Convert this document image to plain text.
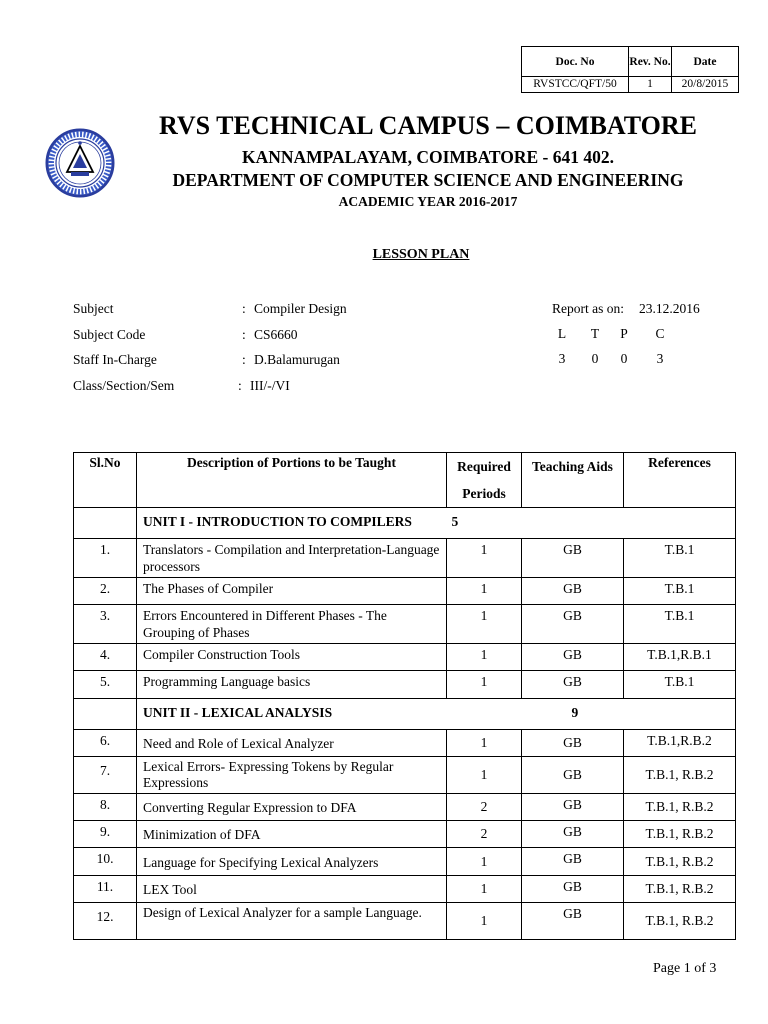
Doc. No	Rev. No.	Date
RVSTCC/QFT/50	1	20/8/2015
RVS TECHNICAL CAMPUS – COIMBATORE
KANNAMPALAYAM, COIMBATORE - 641 402.
DEPARTMENT OF COMPUTER SCIENCE AND ENGINEERING
ACADEMIC YEAR 2016-2017
LESSON PLAN
Subject	: Compiler Design
Subject Code	: CS6660
Staff In-Charge	: D.Balamurugan
Class/Section/Sem	: III/-/VI
Report as on: 23.12.2016
L	T	P	C
3	0	0	3
Sl.No	Description of Portions to be Taught	Required Periods	Teaching Aids	References
	UNIT I - INTRODUCTION TO COMPILERS 5			

1.	Translators - Compilation and Interpretation-Language processors	1	GB	T.B.1
2.	The Phases of Compiler	1	GB	T.B.1
3.	Errors Encountered in Different Phases - The Grouping of Phases	1	GB	T.B.1
4.	Compiler Construction Tools	1	GB	T.B.1,R.B.1
5.	Programming Language basics	1	GB	T.B.1
	UNIT II - LEXICAL ANALYSIS 9			

6.	Need and Role of Lexical Analyzer	1	GB	T.B.1,R.B.2
7.	Lexical Errors- Expressing Tokens by Regular Expressions	1	GB	T.B.1, R.B.2
8.	Converting Regular Expression to DFA	2	GB	T.B.1, R.B.2
9.	Minimization of DFA	2	GB	T.B.1, R.B.2
10.	Language for Specifying Lexical Analyzers	1	GB	T.B.1, R.B.2
11.	LEX Tool	1	GB	T.B.1, R.B.2
12.	Design of Lexical Analyzer for a sample Language.	1	GB	T.B.1, R.B.2
Page 1 of 3
